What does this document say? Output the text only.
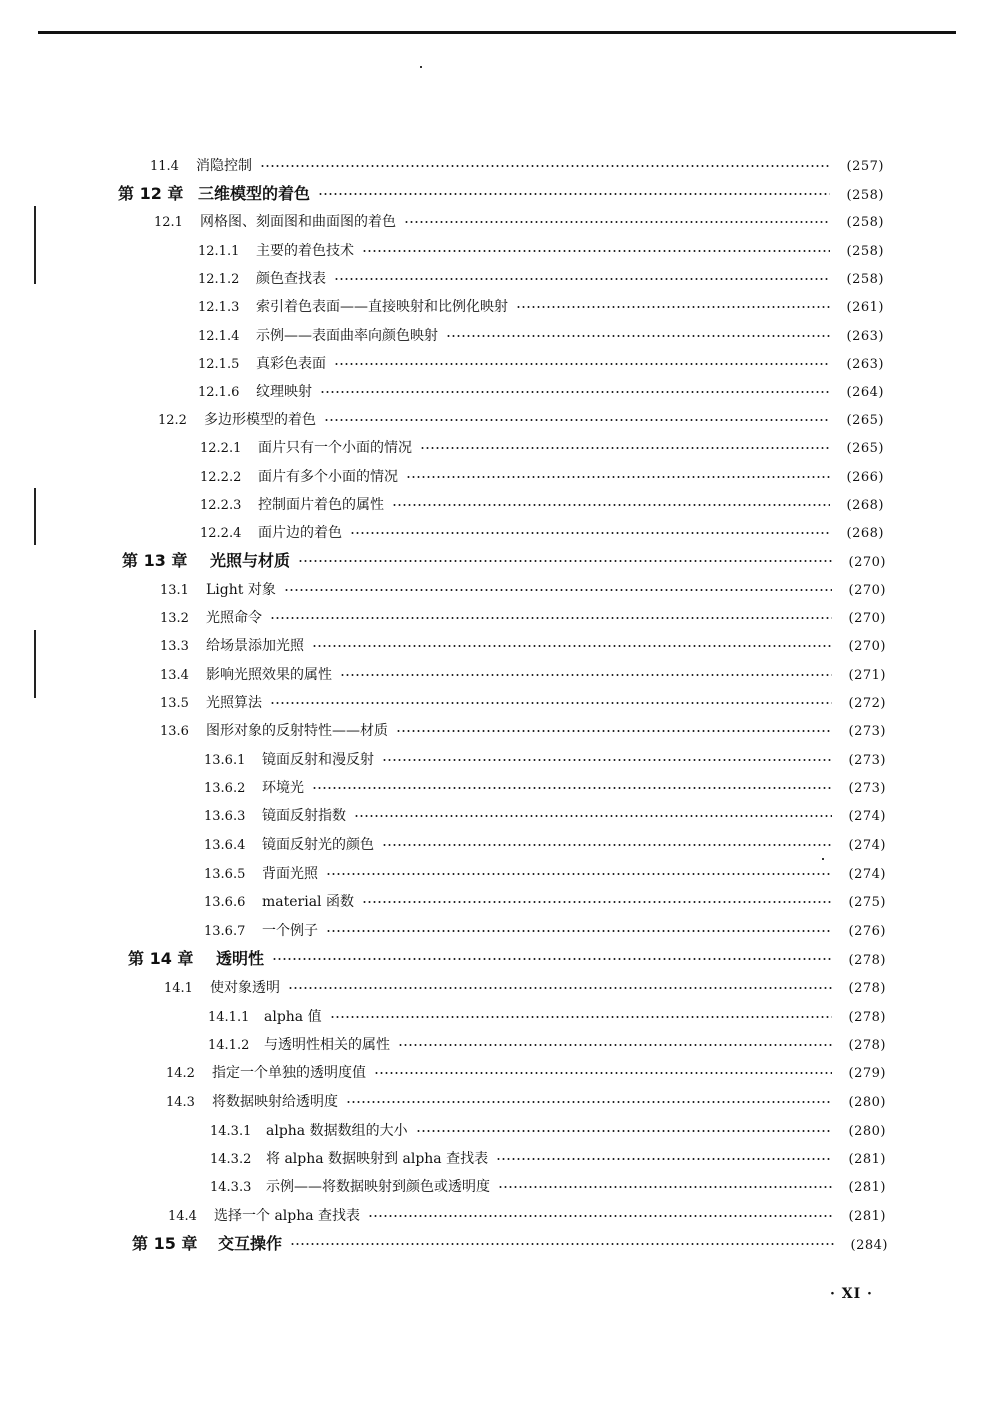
11.4	消隐控制	(257)
第 12 章 三维模型的着色	(258)
12.1	网格图、刻面图和曲面图的着色	(258)
12.1.1	主要的着色技术	(258)
12.1.2	颜色查找表	(258)
12.1.3	索引着色表面——直接映射和比例化映射	(261)
12.1.4	示例——表面曲率向颜色映射	(263)
12.1.5	真彩色表面	(263)
12.1.6	纹理映射	(264)
12.2	多边形模型的着色	(265)
12.2.1	面片只有一个小面的情况	(265)
12.2.2	面片有多个小面的情况	(266)
12.2.3	控制面片着色的属性	(268)
12.2.4	面片边的着色	(268)
第 13 章	光照与材质	(270)
13.1	Light 对象	(270)
13.2	光照命令	(270)
13.3	给场景添加光照	(270)
13.4	影响光照效果的属性	(271)
13.5	光照算法	(272)
13.6	图形对象的反射特性——材质	(273)
13.6.1	镜面反射和漫反射	(273)
13.6.2	环境光	(273)
13.6.3	镜面反射指数	(274)
13.6.4	镜面反射光的颜色	(274)
13.6.5	背面光照	(274)
13.6.6	material 函数	(275)
13.6.7	一个例子	(276)
第 14 章	透明性	(278)
14.1	使对象透明	(278)
14.1.1	alpha 值	(278)
14.1.2	与透明性相关的属性	(278)
14.2	指定一个单独的透明度值	(279)
14.3	将数据映射给透明度	(280)
14.3.1	alpha 数据数组的大小	(280)
14.3.2	将 alpha 数据映射到 alpha 查找表	(281)
14.3.3	示例——将数据映射到颜色或透明度	(281)
14.4	选择一个 alpha 查找表	(281)
第 15 章	交互操作	(284)
· XI ·
